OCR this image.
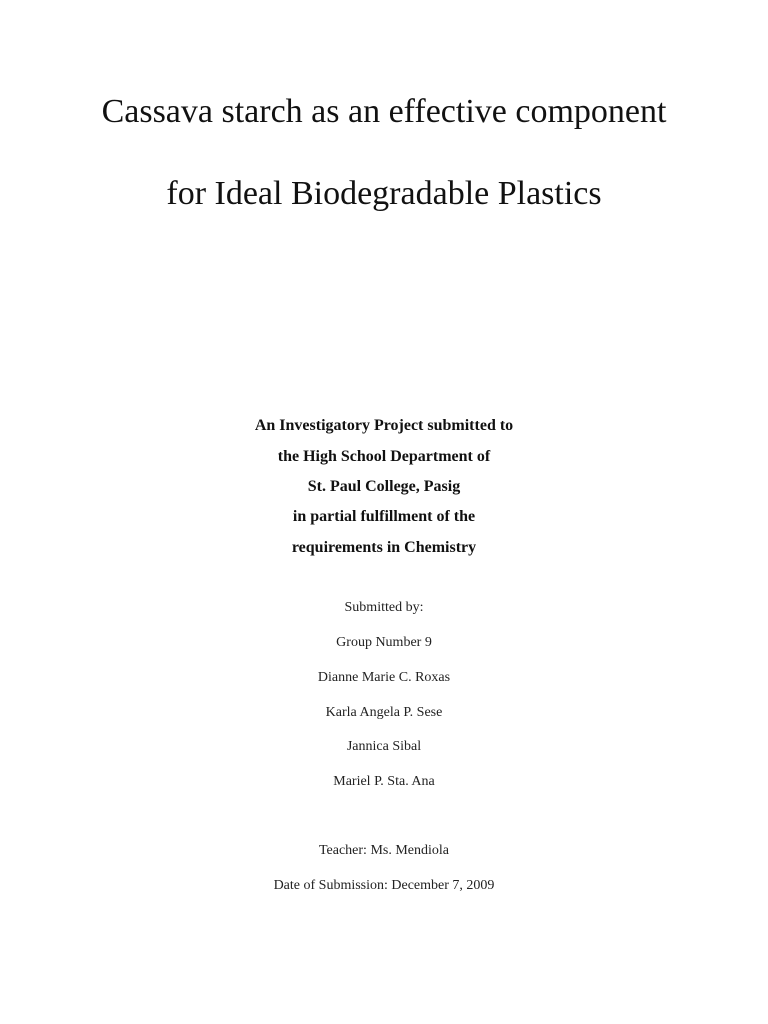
Cassava starch as an effective component
for Ideal Biodegradable Plastics
An Investigatory Project submitted to
the High School Department of
St. Paul College, Pasig
in partial fulfillment of the
requirements in Chemistry
Submitted by:
Group Number 9
Dianne Marie C. Roxas
Karla Angela P. Sese
Jannica Sibal
Mariel P. Sta. Ana
Teacher: Ms. Mendiola
Date of Submission: December 7, 2009
